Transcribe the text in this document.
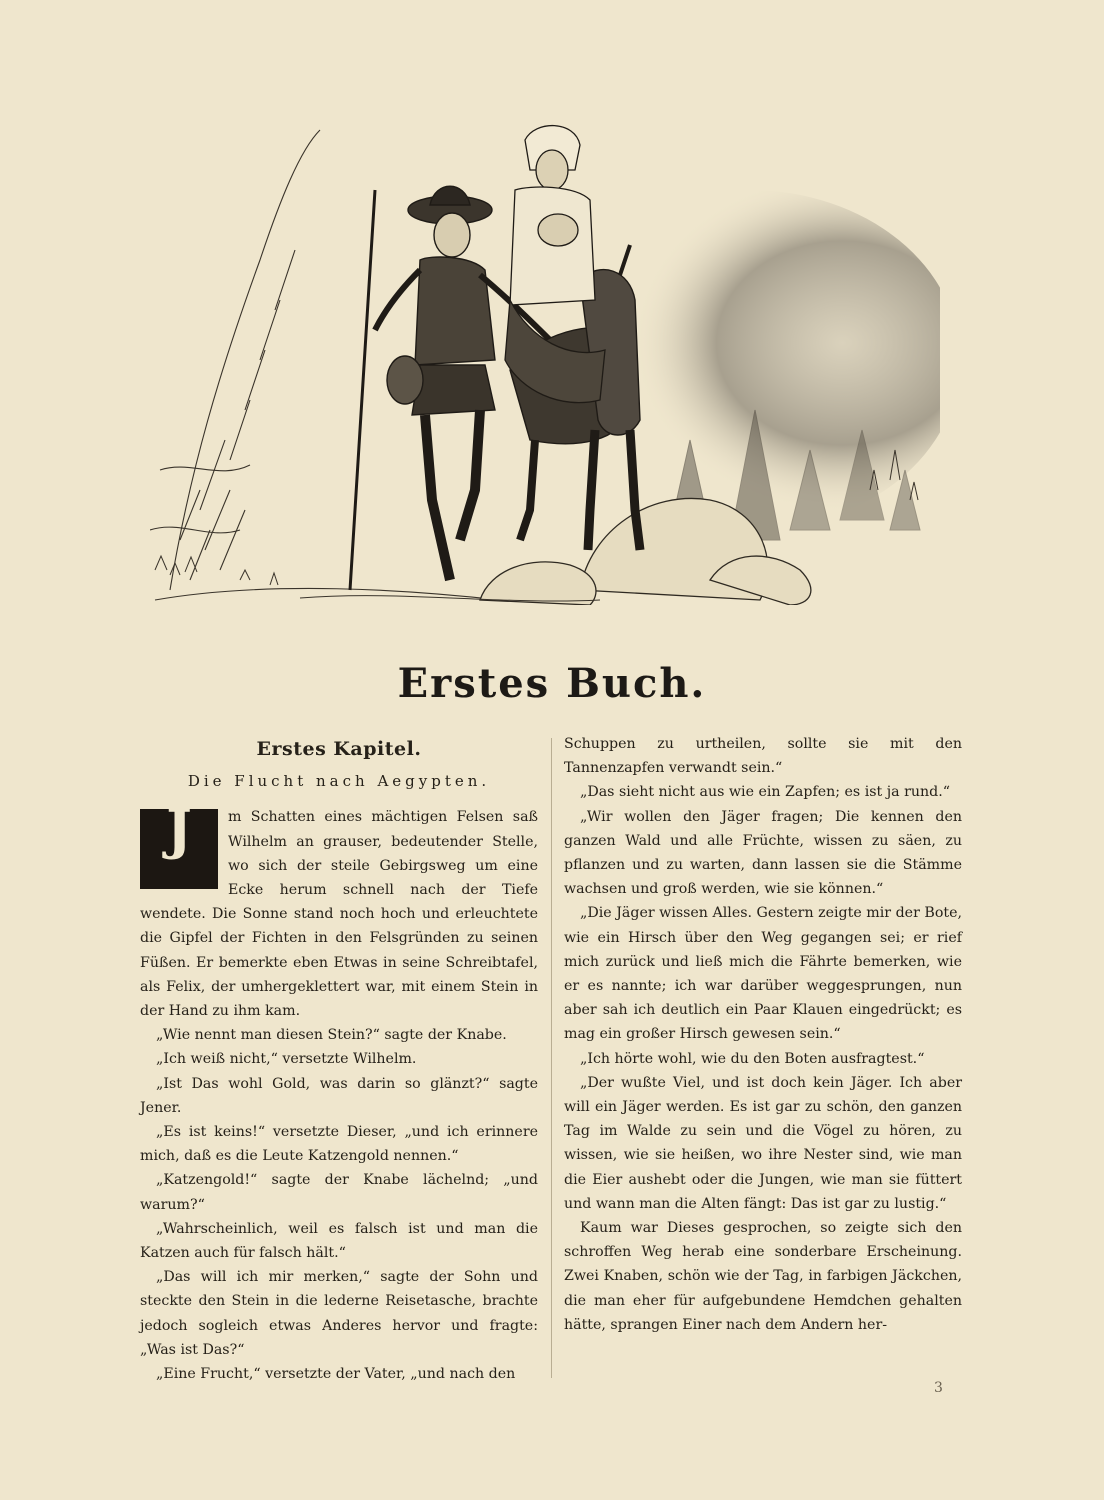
Erstes Buch.
Erstes Kapitel.
Die Flucht nach Aegypten.
J	m Schatten eines mächtigen Felsen saß Wilhelm an grauser, bedeutender Stelle, wo sich der steile Gebirgsweg um eine Ecke herum schnell nach der Tiefe wendete. Die Sonne stand noch hoch und erleuchtete die Gipfel der Fichten in den Felsgründen zu seinen Füßen. Er bemerkte eben Etwas in seine Schreibtafel, als Felix, der umhergeklettert war, mit einem Stein in der Hand zu ihm kam.

„Wie nennt man diesen Stein?“ sagte der Knabe.

„Ich weiß nicht,“ versetzte Wilhelm.

„Ist Das wohl Gold, was darin so glänzt?“ sagte Jener.

„Es ist keins!“ versetzte Dieser, „und ich erinnere mich, daß es die Leute Katzengold nennen.“

„Katzengold!“ sagte der Knabe lächelnd; „und warum?“

„Wahrscheinlich, weil es falsch ist und man die Katzen auch für falsch hält.“

„Das will ich mir merken,“ sagte der Sohn und steckte den Stein in die lederne Reisetasche, brachte jedoch sogleich etwas Anderes hervor und fragte: „Was ist Das?“

„Eine Frucht,“ versetzte der Vater, „und nach den

Schuppen zu urtheilen, sollte sie mit den Tannenzapfen verwandt sein.“

„Das sieht nicht aus wie ein Zapfen; es ist ja rund.“

„Wir wollen den Jäger fragen; Die kennen den ganzen Wald und alle Früchte, wissen zu säen, zu pflanzen und zu warten, dann lassen sie die Stämme wachsen und groß werden, wie sie können.“

„Die Jäger wissen Alles. Gestern zeigte mir der Bote, wie ein Hirsch über den Weg gegangen sei; er rief mich zurück und ließ mich die Fährte bemerken, wie er es nannte; ich war darüber weggesprungen, nun aber sah ich deutlich ein Paar Klauen eingedrückt; es mag ein großer Hirsch gewesen sein.“

„Ich hörte wohl, wie du den Boten ausfragtest.“

„Der wußte Viel, und ist doch kein Jäger. Ich aber will ein Jäger werden. Es ist gar zu schön, den ganzen Tag im Walde zu sein und die Vögel zu hören, zu wissen, wie sie heißen, wo ihre Nester sind, wie man die Eier aushebt oder die Jungen, wie man sie füttert und wann man die Alten fängt: Das ist gar zu lustig.“

Kaum war Dieses gesprochen, so zeigte sich den schroffen Weg herab eine sonderbare Erscheinung. Zwei Knaben, schön wie der Tag, in farbigen Jäckchen, die man eher für aufgebundene Hemdchen gehalten hätte, sprangen Einer nach dem Andern her-

3
